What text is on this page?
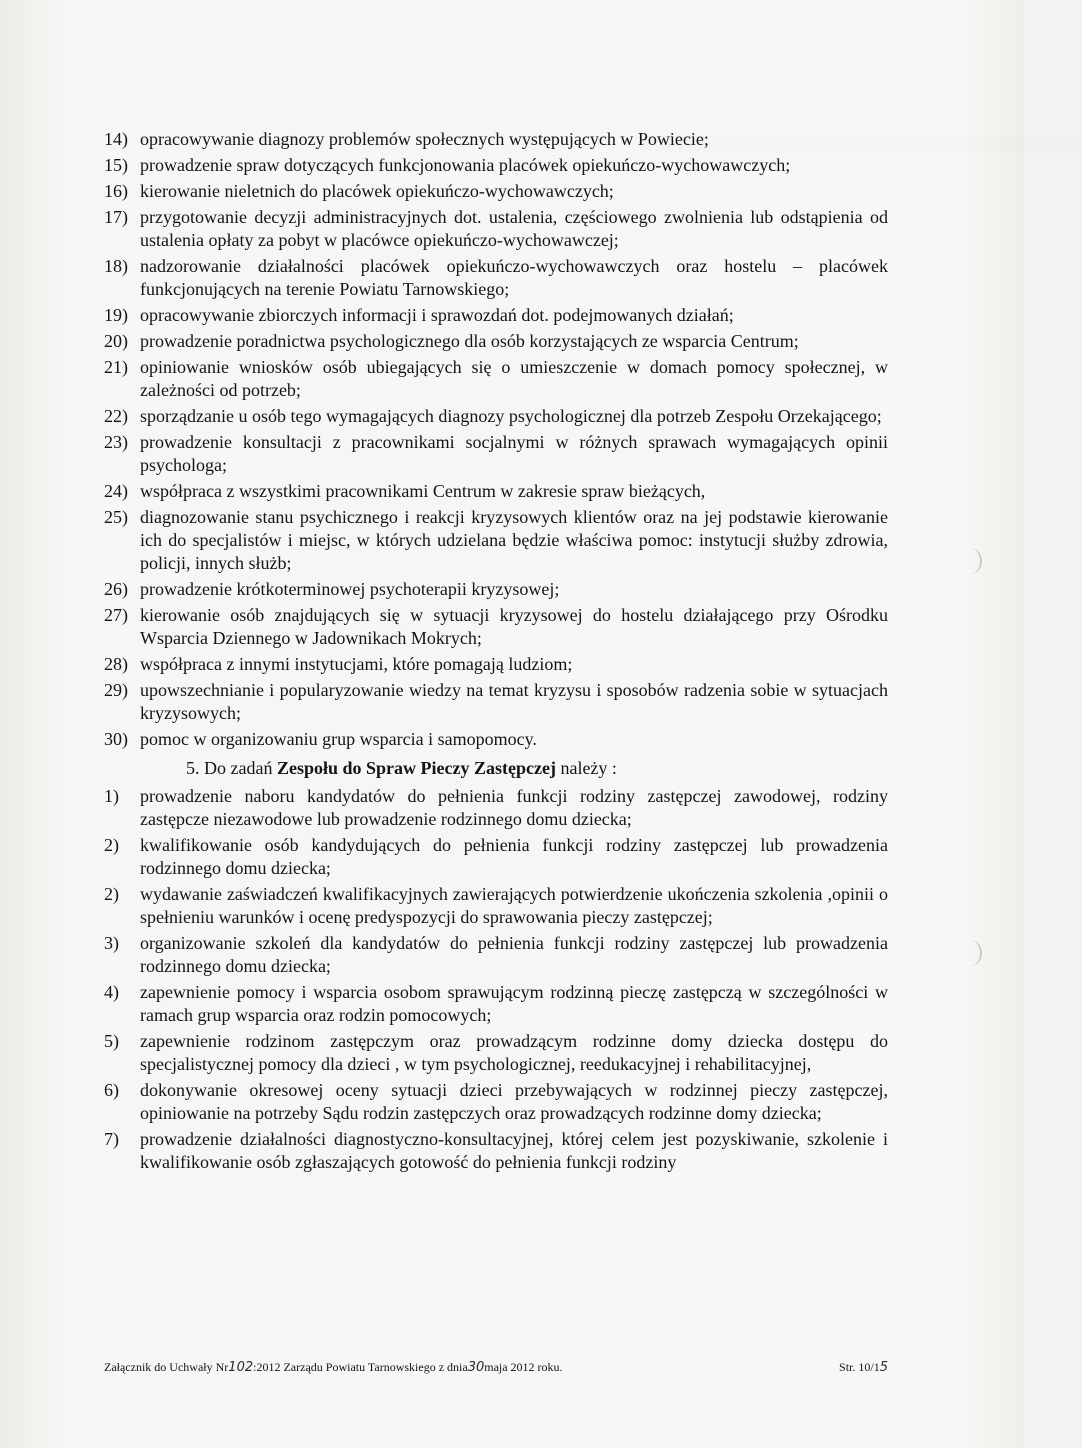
▒▒▒▒▒▒▒▒▒▒▒▒▒▒▒▒▒▒▒▒▒▒▒▒▒▒▒▒▒▒▒▒▒▒▒▒▒▒▒
14) opracowywanie diagnozy problemów społecznych występujących w Powiecie;
15) prowadzenie spraw dotyczących funkcjonowania placówek opiekuńczo-wychowawczych;
16) kierowanie nieletnich do placówek opiekuńczo-wychowawczych;
17) przygotowanie decyzji administracyjnych dot. ustalenia, częściowego zwolnienia lub odstąpienia od ustalenia opłaty za pobyt w placówce opiekuńczo-wychowawczej;
18) nadzorowanie działalności placówek opiekuńczo-wychowawczych oraz hostelu – placówek funkcjonujących na terenie Powiatu Tarnowskiego;
19) opracowywanie zbiorczych informacji i sprawozdań dot. podejmowanych działań;
20) prowadzenie poradnictwa psychologicznego dla osób korzystających ze wsparcia Centrum;
21) opiniowanie wniosków osób ubiegających się o umieszczenie w domach pomocy społecznej, w zależności od potrzeb;
22) sporządzanie u osób tego wymagających diagnozy psychologicznej dla potrzeb Zespołu Orzekającego;
23) prowadzenie konsultacji z pracownikami socjalnymi w różnych sprawach wymagających opinii psychologa;
24) współpraca z wszystkimi pracownikami Centrum w zakresie spraw bieżących,
25) diagnozowanie stanu psychicznego i reakcji kryzysowych klientów oraz na jej podstawie kierowanie ich do specjalistów i miejsc, w których udzielana będzie właściwa pomoc: instytucji służby zdrowia, policji, innych służb;
26) prowadzenie krótkoterminowej psychoterapii kryzysowej;
27) kierowanie osób znajdujących się w sytuacji kryzysowej do hostelu działającego przy Ośrodku Wsparcia Dziennego w Jadownikach Mokrych;
28) współpraca z innymi instytucjami, które pomagają ludziom;
29) upowszechnianie i popularyzowanie wiedzy na temat kryzysu i sposobów radzenia sobie w sytuacjach kryzysowych;
30) pomoc w organizowaniu grup wsparcia i samopomocy.
5. Do zadań Zespołu do Spraw Pieczy Zastępczej należy :
1)	prowadzenie naboru kandydatów do pełnienia funkcji rodziny zastępczej zawodowej, rodziny zastępcze niezawodowe lub prowadzenie rodzinnego domu dziecka;
2)	kwalifikowanie osób kandydujących do pełnienia funkcji rodziny zastępczej lub prowadzenia rodzinnego domu dziecka;
2)	wydawanie zaświadczeń kwalifikacyjnych zawierających potwierdzenie ukończenia szkolenia ,opinii o spełnieniu warunków i ocenę predyspozycji do sprawowania pieczy zastępczej;
3)	organizowanie szkoleń dla kandydatów do pełnienia funkcji rodziny zastępczej lub prowadzenia rodzinnego domu dziecka;
4)	zapewnienie pomocy i wsparcia osobom sprawującym rodzinną pieczę zastępczą w szczególności w ramach grup wsparcia oraz rodzin pomocowych;
5)	zapewnienie rodzinom zastępczym oraz prowadzącym rodzinne domy dziecka dostępu do specjalistycznej pomocy dla dzieci , w tym psychologicznej, reedukacyjnej i rehabilitacyjnej,
6)	dokonywanie okresowej oceny sytuacji dzieci przebywających w rodzinnej pieczy zastępczej, opiniowanie na potrzeby Sądu rodzin zastępczych oraz prowadzących rodzinne domy dziecka;
7)	prowadzenie działalności diagnostyczno-konsultacyjnej, której celem jest pozyskiwanie, szkolenie i kwalifikowanie osób zgłaszających gotowość do pełnienia funkcji rodziny
Załącznik do Uchwały Nr102:2012 Zarządu Powiatu Tarnowskiego z dnia30maja 2012 roku.	Str. 10/15
